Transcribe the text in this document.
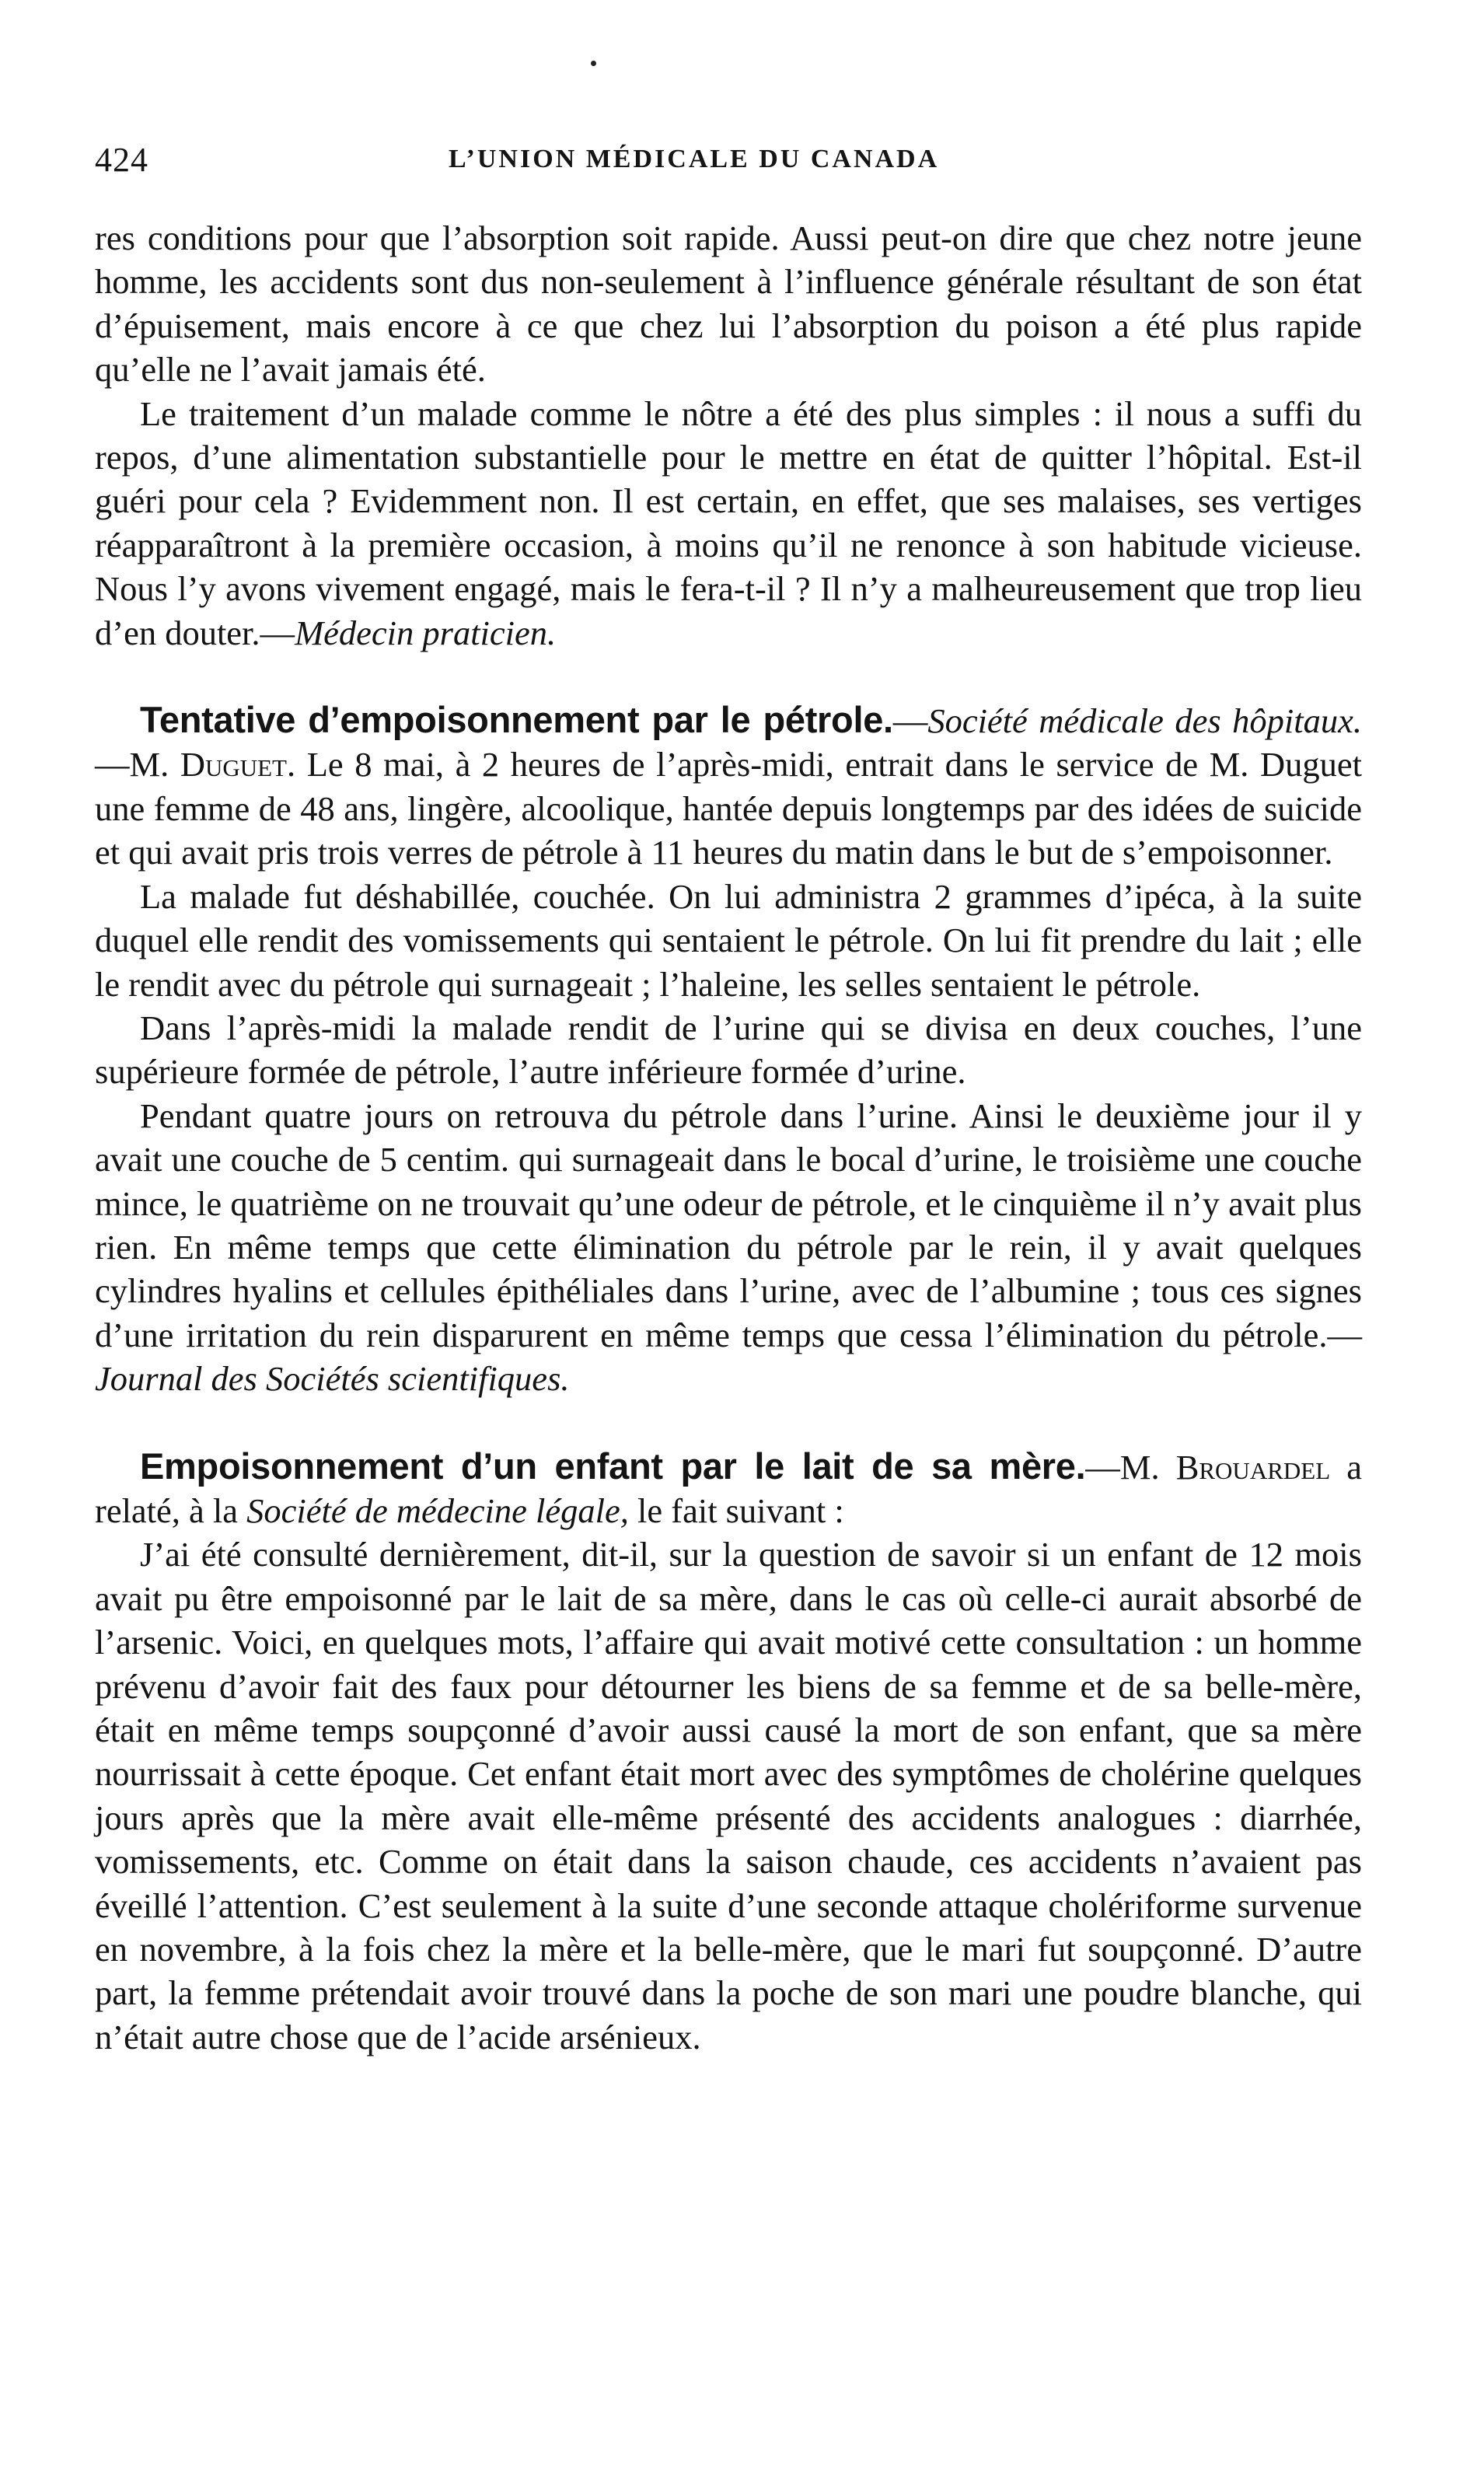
424	L’UNION MÉDICALE DU CANADA

res conditions pour que l’absorption soit rapide. Aussi peut-on dire que chez notre jeune homme, les accidents sont dus non-seulement à l’influence générale résultant de son état d’épuisement, mais encore à ce que chez lui l’absorption du poison a été plus rapide qu’elle ne l’avait jamais été.

Le traitement d’un malade comme le nôtre a été des plus simples : il nous a suffi du repos, d’une alimentation substantielle pour le mettre en état de quitter l’hôpital. Est-il guéri pour cela ? Evidemment non. Il est certain, en effet, que ses malaises, ses vertiges réapparaîtront à la première occasion, à moins qu’il ne renonce à son habitude vicieuse. Nous l’y avons vivement engagé, mais le fera-t-il ? Il n’y a malheureusement que trop lieu d’en douter.—Médecin praticien.

Tentative d’empoisonnement par le pétrole.—Société médicale des hôpitaux.—M. Duguet. Le 8 mai, à 2 heures de l’après-midi, entrait dans le service de M. Duguet une femme de 48 ans, lingère, alcoolique, hantée depuis longtemps par des idées de suicide et qui avait pris trois verres de pétrole à 11 heures du matin dans le but de s’empoisonner.

La malade fut déshabillée, couchée. On lui administra 2 grammes d’ipéca, à la suite duquel elle rendit des vomissements qui sentaient le pétrole. On lui fit prendre du lait ; elle le rendit avec du pétrole qui surnageait ; l’haleine, les selles sentaient le pétrole.

Dans l’après-midi la malade rendit de l’urine qui se divisa en deux couches, l’une supérieure formée de pétrole, l’autre inférieure formée d’urine.

Pendant quatre jours on retrouva du pétrole dans l’urine. Ainsi le deuxième jour il y avait une couche de 5 centim. qui surnageait dans le bocal d’urine, le troisième une couche mince, le quatrième on ne trouvait qu’une odeur de pétrole, et le cinquième il n’y avait plus rien. En même temps que cette élimination du pétrole par le rein, il y avait quelques cylindres hyalins et cellules épithéliales dans l’urine, avec de l’albumine ; tous ces signes d’une irritation du rein disparurent en même temps que cessa l’élimination du pétrole.—Journal des Sociétés scientifiques.

Empoisonnement d’un enfant par le lait de sa mère.—M. Brouardel a relaté, à la Société de médecine légale, le fait suivant :

J’ai été consulté dernièrement, dit-il, sur la question de savoir si un enfant de 12 mois avait pu être empoisonné par le lait de sa mère, dans le cas où celle-ci aurait absorbé de l’arsenic. Voici, en quelques mots, l’affaire qui avait motivé cette consultation : un homme prévenu d’avoir fait des faux pour détourner les biens de sa femme et de sa belle-mère, était en même temps soupçonné d’avoir aussi causé la mort de son enfant, que sa mère nourrissait à cette époque. Cet enfant était mort avec des symptômes de cholérine quelques jours après que la mère avait elle-même présenté des accidents analogues : diarrhée, vomissements, etc. Comme on était dans la saison chaude, ces accidents n’avaient pas éveillé l’attention. C’est seulement à la suite d’une seconde attaque cholériforme survenue en novembre, à la fois chez la mère et la belle-mère, que le mari fut soupçonné. D’autre part, la femme prétendait avoir trouvé dans la poche de son mari une poudre blanche, qui n’était autre chose que de l’acide arsénieux.
